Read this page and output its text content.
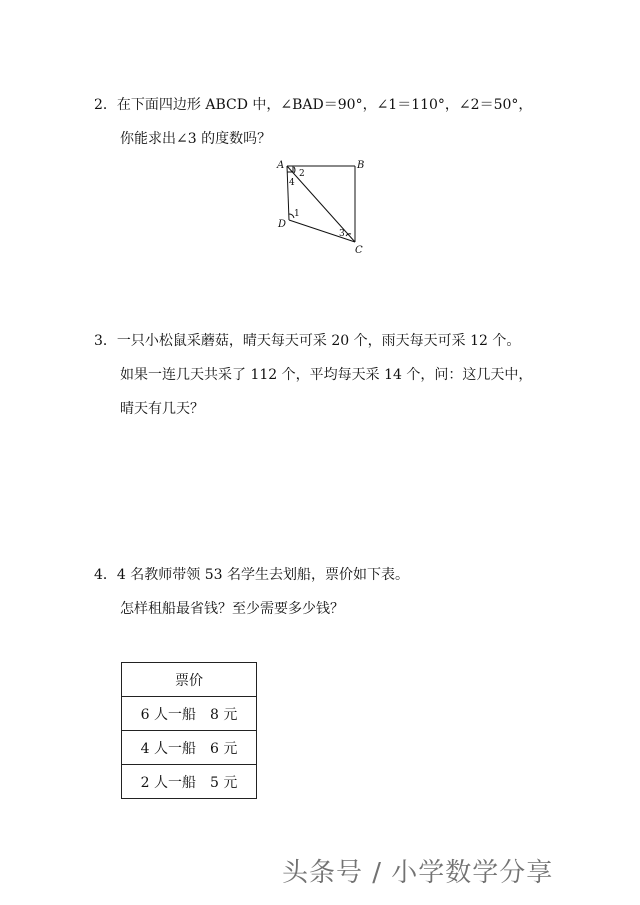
2．在下面四边形 ABCD 中，∠BAD＝90°，∠1＝110°，∠2＝50°，
你能求出∠3 的度数吗？
A	B
D
C
2
4
1
3
3．一只小松鼠采蘑菇，晴天每天可采 20 个，雨天每天可采 12 个。
如果一连几天共采了 112 个，平均每天采 14 个，问：这几天中，
晴天有几天？
4．4 名教师带领 53 名学生去划船，票价如下表。
怎样租船最省钱？至少需要多少钱？
票价
6 人一船　8 元
4 人一船　6 元
2 人一船　5 元
头条号 / 小学数学分享
